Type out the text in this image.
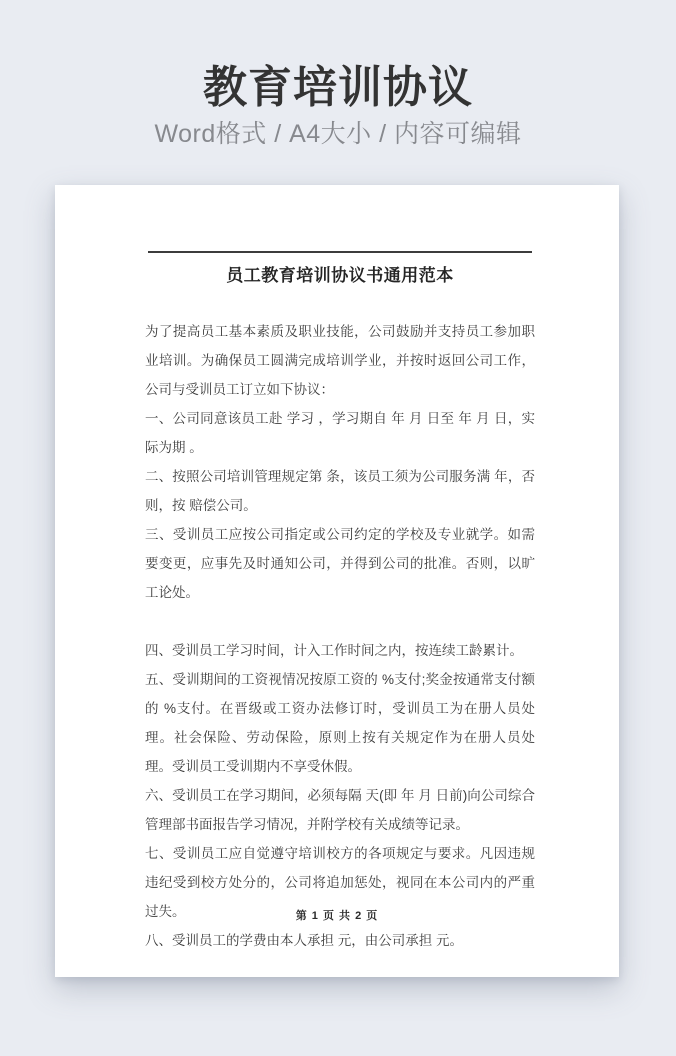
教育培训协议
Word格式 / A4大小 / 内容可编辑
员工教育培训协议书通用范本

为了提高员工基本素质及职业技能，公司鼓励并支持员工参加职业培训。为确保员工圆满完成培训学业，并按时返回公司工作，公司与受训员工订立如下协议：

一、公司同意该员工赴 学习 ，学习期自 年 月 日至 年 月 日，实际为期 。

二、按照公司培训管理规定第 条，该员工须为公司服务满 年，否则，按 赔偿公司。

三、受训员工应按公司指定或公司约定的学校及专业就学。如需要变更，应事先及时通知公司，并得到公司的批准。否则，以旷工论处。

四、受训员工学习时间，计入工作时间之内，按连续工龄累计。

五、受训期间的工资视情况按原工资的 %支付;奖金按通常支付额的 %支付。在晋级或工资办法修订时，受训员工为在册人员处理。社会保险、劳动保险，原则上按有关规定作为在册人员处理。受训员工受训期内不享受休假。

六、受训员工在学习期间，必须每隔 天(即 年 月 日前)向公司综合管理部书面报告学习情况，并附学校有关成绩等记录。

七、受训员工应自觉遵守培训校方的各项规定与要求。凡因违规违纪受到校方处分的，公司将追加惩处，视同在本公司内的严重过失。

八、受训员工的学费由本人承担 元，由公司承担 元。

第 1 页 共 2 页
